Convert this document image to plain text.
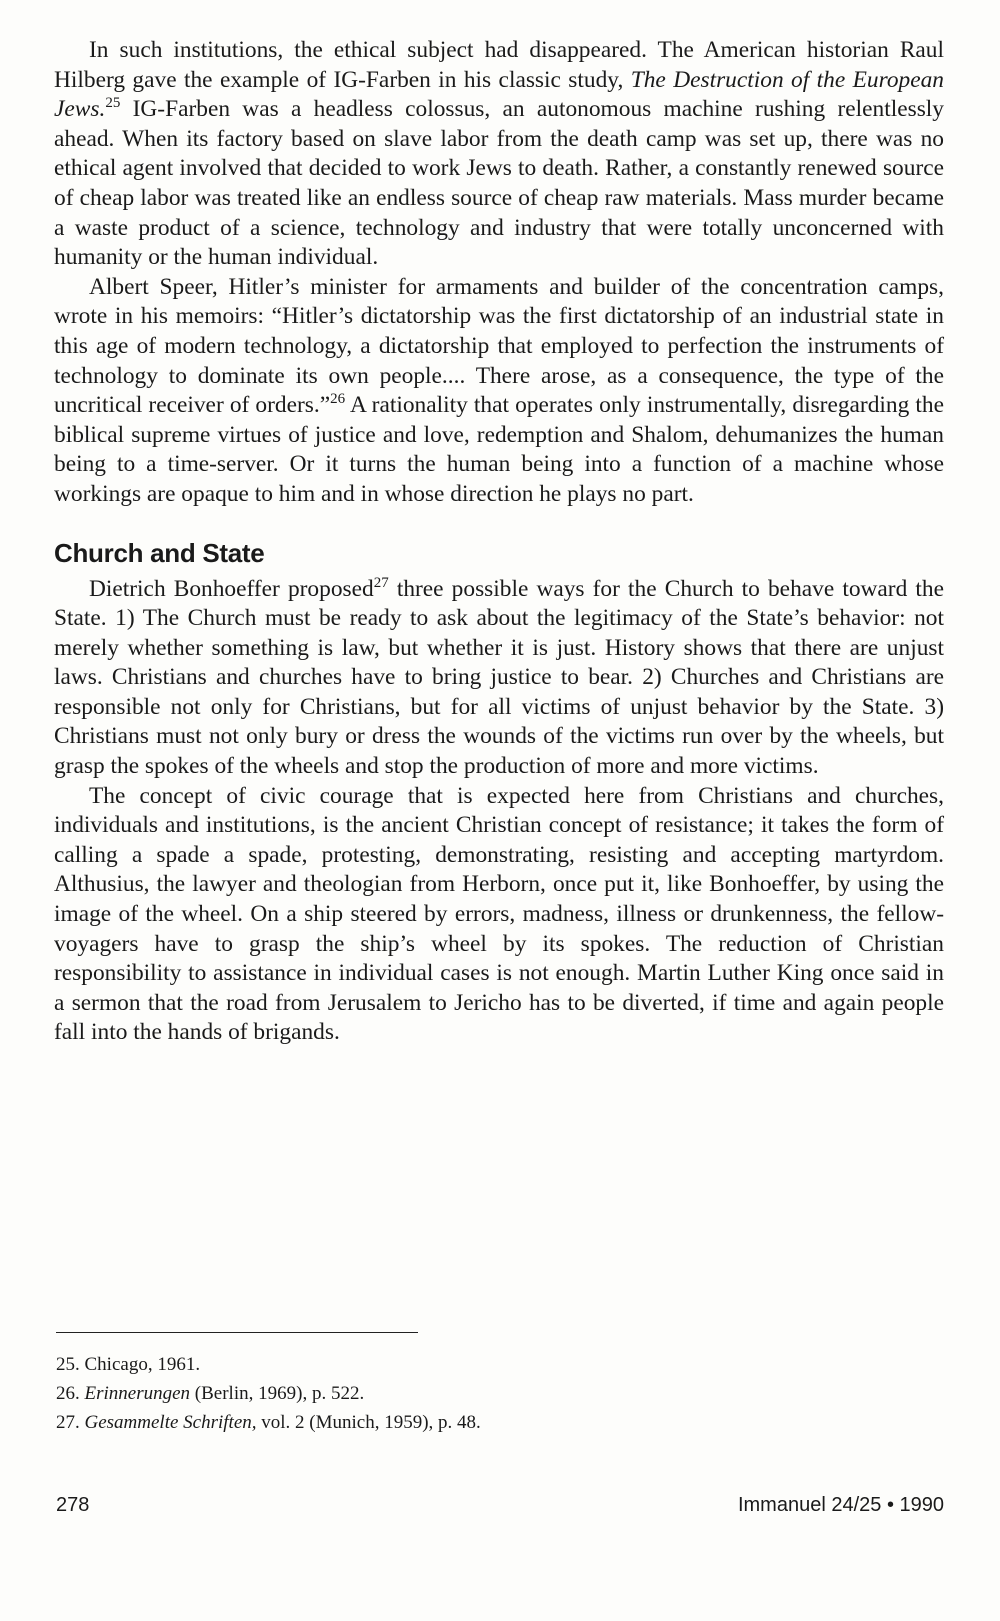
In such institutions, the ethical subject had disappeared. The American historian Raul Hilberg gave the example of IG-Farben in his classic study, The Destruction of the European Jews.$^{25}$ IG-Farben was a headless colossus, an autonomous machine rushing relentlessly ahead. When its factory based on slave labor from the death camp was set up, there was no ethical agent involved that decided to work Jews to death. Rather, a constantly renewed source of cheap labor was treated like an endless source of cheap raw materials. Mass murder became a waste product of a science, technology and industry that were totally unconcerned with humanity or the human individual.

Albert Speer, Hitler’s minister for armaments and builder of the concentration camps, wrote in his memoirs: “Hitler’s dictatorship was the first dictatorship of an industrial state in this age of modern technology, a dictatorship that employed to perfection the instruments of technology to dominate its own people.... There arose, as a consequence, the type of the uncritical receiver of orders.”$^{26}$ A rationality that operates only instrumentally, disregarding the biblical supreme virtues of justice and love, redemption and Shalom, dehumanizes the human being to a time-server. Or it turns the human being into a function of a machine whose workings are opaque to him and in whose direction he plays no part.

Church and State

Dietrich Bonhoeffer proposed$^{27}$ three possible ways for the Church to behave toward the State. 1) The Church must be ready to ask about the legitimacy of the State’s behavior: not merely whether something is law, but whether it is just. History shows that there are unjust laws. Christians and churches have to bring justice to bear. 2) Churches and Christians are responsible not only for Christians, but for all victims of unjust behavior by the State. 3) Christians must not only bury or dress the wounds of the victims run over by the wheels, but grasp the spokes of the wheels and stop the production of more and more victims.

The concept of civic courage that is expected here from Christians and churches, individuals and institutions, is the ancient Christian concept of resistance; it takes the form of calling a spade a spade, protesting, demonstrating, resisting and accepting martyrdom. Althusius, the lawyer and theologian from Herborn, once put it, like Bonhoeffer, by using the image of the wheel. On a ship steered by errors, madness, illness or drunkenness, the fellow-voyagers have to grasp the ship’s wheel by its spokes. The reduction of Christian responsibility to assistance in individual cases is not enough. Martin Luther King once said in a sermon that the road from Jerusalem to Jericho has to be diverted, if time and again people fall into the hands of brigands.

25. Chicago, 1961.
26. Erinnerungen (Berlin, 1969), p. 522.
27. Gesammelte Schriften, vol. 2 (Munich, 1959), p. 48.
278	Immanuel 24/25 • 1990
